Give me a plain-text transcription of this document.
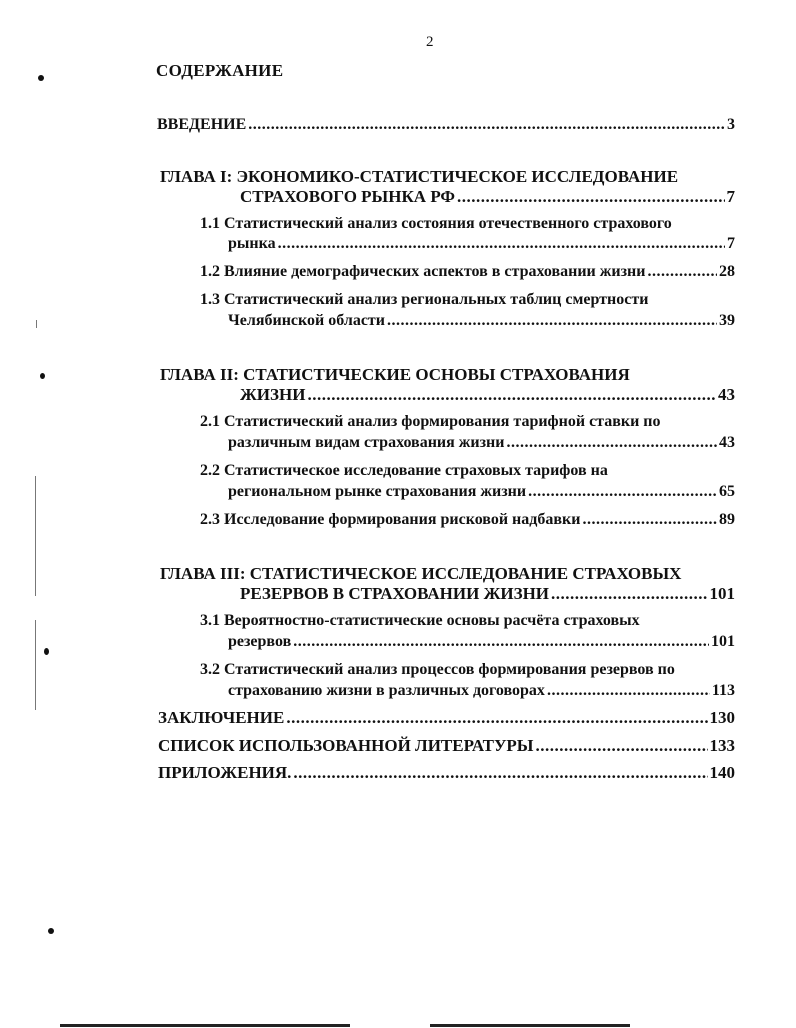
2
СОДЕРЖАНИЕ
ВВЕДЕНИЕ .....	3
ГЛАВА I: ЭКОНОМИКО-СТАТИСТИЧЕСКОЕ ИССЛЕДОВАНИЕ
СТРАХОВОГО РЫНКА РФ .....	7
1.1 Статистический анализ состояния отечественного страхового
рынка .....	7
1.2 Влияние демографических аспектов в страховании жизни .....	28
1.3 Статистический анализ региональных таблиц смертности
Челябинской области .....	39
ГЛАВА II: СТАТИСТИЧЕСКИЕ ОСНОВЫ СТРАХОВАНИЯ
ЖИЗНИ .....	43
2.1 Статистический анализ формирования тарифной ставки по
различным видам страхования жизни .....	43
2.2 Статистическое исследование страховых тарифов на
региональном рынке страхования жизни .....	65
2.3 Исследование формирования рисковой надбавки .....	89
ГЛАВА III: СТАТИСТИЧЕСКОЕ ИССЛЕДОВАНИЕ СТРАХОВЫХ
РЕЗЕРВОВ В СТРАХОВАНИИ ЖИЗНИ .....	101
3.1 Вероятностно-статистические основы расчёта страховых
резервов .....	101
3.2 Статистический анализ процессов формирования резервов по
страхованию жизни в различных договорах .....	113
ЗАКЛЮЧЕНИЕ .....	130
СПИСОК ИСПОЛЬЗОВАННОЙ ЛИТЕРАТУРЫ .....	133
ПРИЛОЖЕНИЯ. .....	140
